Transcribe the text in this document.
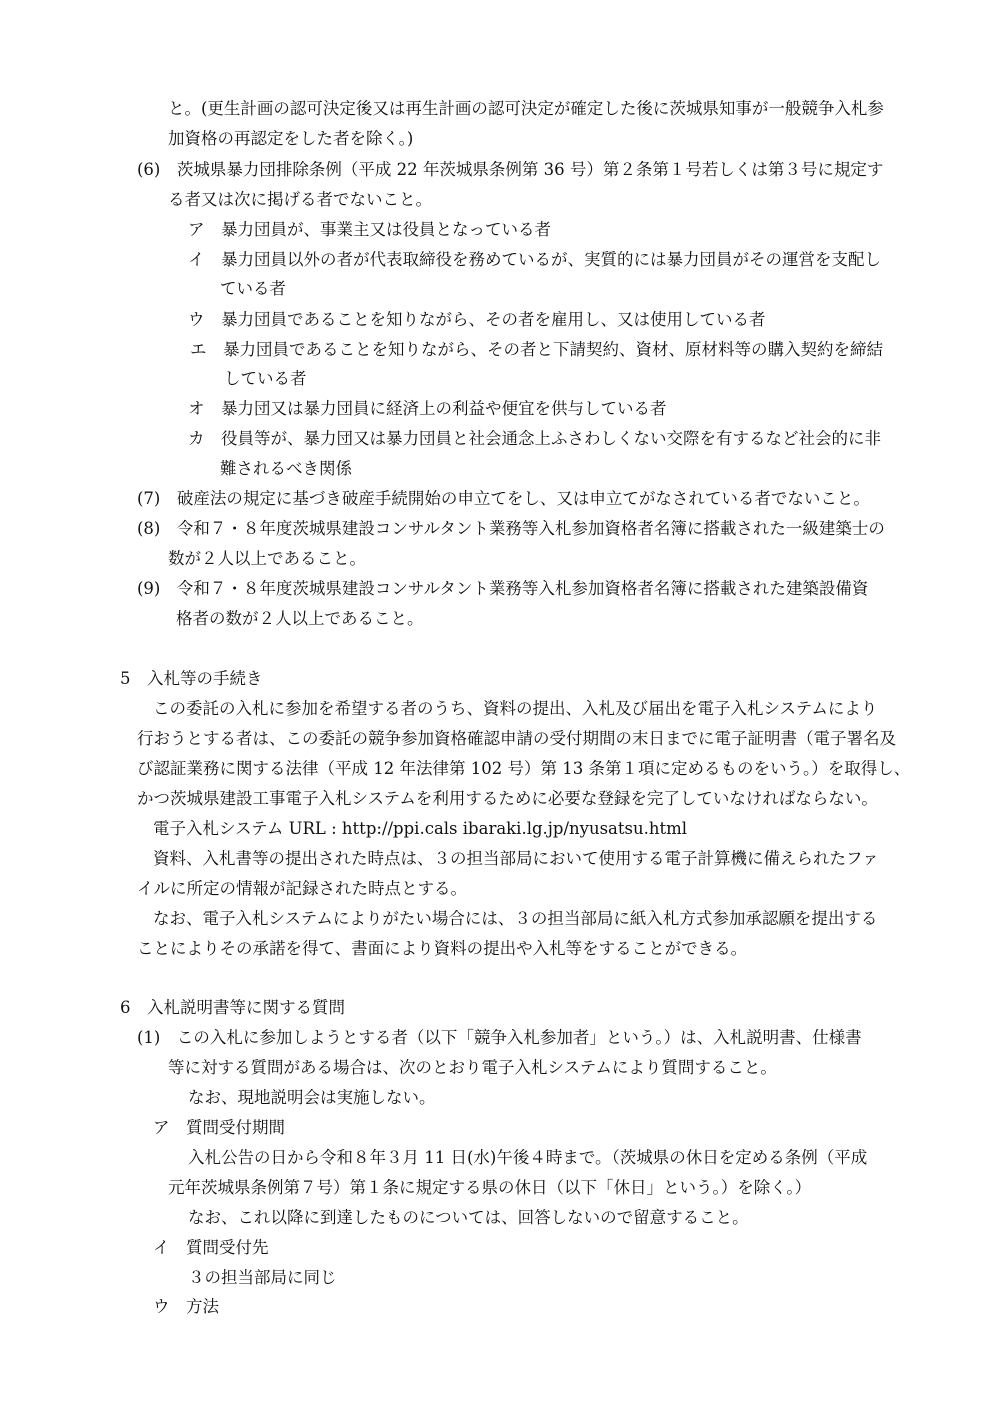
と。(更生計画の認可決定後又は再生計画の認可決定が確定した後に茨城県知事が一般競争入札参
加資格の再認定をした者を除く。)
(6)　茨城県暴力団排除条例（平成 22 年茨城県条例第 36 号）第２条第１号若しくは第３号に規定す
る者又は次に掲げる者でないこと。
ア　暴力団員が、事業主又は役員となっている者
イ　暴力団員以外の者が代表取締役を務めているが、実質的には暴力団員がその運営を支配し
ている者
ウ　暴力団員であることを知りながら、その者を雇用し、又は使用している者
エ　暴力団員であることを知りながら、その者と下請契約、資材、原材料等の購入契約を締結
している者
オ　暴力団又は暴力団員に経済上の利益や便宜を供与している者
カ　役員等が、暴力団又は暴力団員と社会通念上ふさわしくない交際を有するなど社会的に非
難されるべき関係
(7)　破産法の規定に基づき破産手続開始の申立てをし、又は申立てがなされている者でないこと。
(8)　令和７・８年度茨城県建設コンサルタント業務等入札参加資格者名簿に搭載された一級建築士の
数が２人以上であること。
(9)　令和７・８年度茨城県建設コンサルタント業務等入札参加資格者名簿に搭載された建築設備資
格者の数が２人以上であること。
5　入札等の手続き
この委託の入札に参加を希望する者のうち、資料の提出、入札及び届出を電子入札システムにより
行おうとする者は、この委託の競争参加資格確認申請の受付期間の末日までに電子証明書（電子署名及
び認証業務に関する法律（平成 12 年法律第 102 号）第 13 条第１項に定めるものをいう。）を取得し、
かつ茨城県建設工事電子入札システムを利用するために必要な登録を完了していなければならない。
電子入札システム URL : http://ppi.cals ibaraki.lg.jp/nyusatsu.html
資料、入札書等の提出された時点は、３の担当部局において使用する電子計算機に備えられたファ
イルに所定の情報が記録された時点とする。
なお、電子入札システムによりがたい場合には、３の担当部局に紙入札方式参加承認願を提出する
ことによりその承諾を得て、書面により資料の提出や入札等をすることができる。
6　入札説明書等に関する質問
(1)　この入札に参加しようとする者（以下「競争入札参加者」という。）は、入札説明書、仕様書
等に対する質問がある場合は、次のとおり電子入札システムにより質問すること。
なお、現地説明会は実施しない。
ア　質問受付期間
入札公告の日から令和８年３月 11 日(水)午後４時まで。（茨城県の休日を定める条例（平成
元年茨城県条例第７号）第１条に規定する県の休日（以下「休日」という。）を除く。）
なお、これ以降に到達したものについては、回答しないので留意すること。
イ　質問受付先
３の担当部局に同じ
ウ　方法
